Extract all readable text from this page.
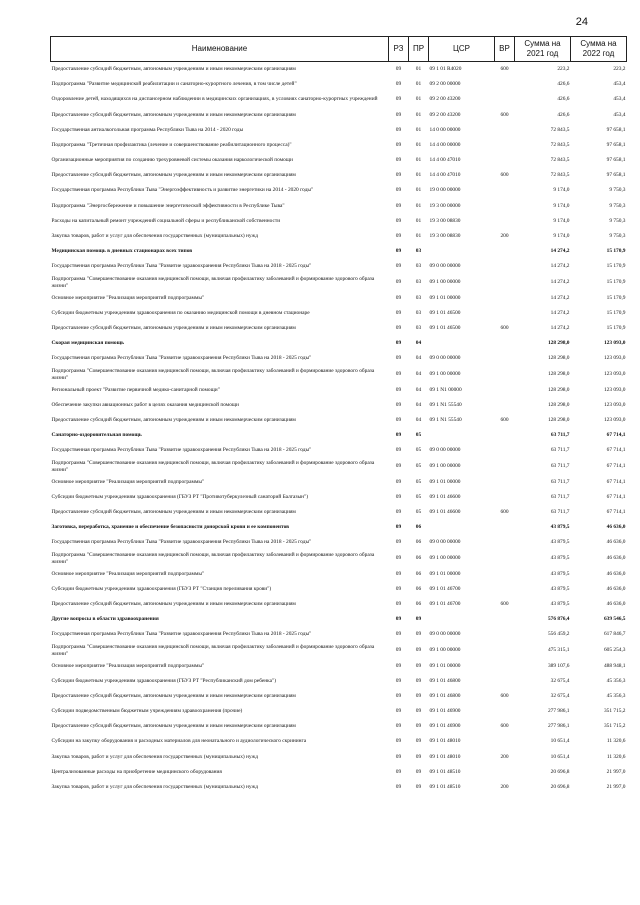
24
Наименование	РЗ	ПР	ЦСР	ВР	Сумма на 2021 год	Сумма на 2022 год
Предоставление субсидий бюджетным, автономным учреждениям и иным некоммерческим организациям	09	01	09 1 01 R4020	600	223,2	223,2
Подпрограмма "Развитие медицинской реабилитации и санаторно-курортного лечения, в том числе детей"	09	01	09 2 00 00000		426,6	453,4
Оздоровление детей, находящихся на диспансерном наблюдении в медицинских организациях, в условиях санаторно-курортных учреждений	09	01	09 2 00 43200		426,6	453,4
Предоставление субсидий бюджетным, автономным учреждениям и иным некоммерческим организациям	09	01	09 2 00 43200	600	426,6	453,4
Государственная антиалкогольная программа Республики Тыва на 2014 - 2020 годы	09	01	14 0 00 00000		72 843,5	97 658,1
Подпрограмма "Третичная профилактика (лечение и совершенствование реабилитационного процесса)"	09	01	14 4 00 00000		72 843,5	97 658,1
Организационные мероприятия по созданию трехуровневой системы оказания наркологической помощи	09	01	14 4 00 47010		72 843,5	97 658,1
Предоставление субсидий бюджетным, автономным учреждениям и иным некоммерческим организациям	09	01	14 4 00 47010	600	72 843,5	97 658,1
Государственная программа Республики Тыва "Энергоэффективность и развитие энергетики на 2014 - 2020 годы"	09	01	19 0 00 00000		9 174,0	9 750,3
Подпрограмма "Энергосбережение и повышение энергетической эффективности в Республике Тыва"	09	01	19 3 00 00000		9 174,0	9 750,3
Расходы на капитальный ремонт учреждений социальной сферы и республиканской собственности	09	01	19 3 00 08830		9 174,0	9 750,3
Закупка товаров, работ и услуг для обеспечения государственных (муниципальных) нужд	09	01	19 3 00 08830	200	9 174,0	9 750,3
Медицинская помощь в дневных стационарах всех типов	09	03			14 274,2	15 170,9
Государственная программа Республики Тыва "Развитие здравоохранения Республики Тыва на 2018 - 2025 годы"	09	03	09 0 00 00000		14 274,2	15 170,9
Подпрограмма "Совершенствование оказания медицинской помощи, включая профилактику заболеваний и формирование здорового образа жизни"	09	03	09 1 00 00000		14 274,2	15 170,9
Основное мероприятие "Реализация мероприятий подпрограммы"	09	03	09 1 01 00000		14 274,2	15 170,9
Субсидии бюджетным учреждениям здравоохранения по оказанию медицинской помощи в дневном стационаре	09	03	09 1 01 46500		14 274,2	15 170,9
Предоставление субсидий бюджетным, автономным учреждениям и иным некоммерческим организациям	09	03	09 1 01 46500	600	14 274,2	15 170,9
Скорая медицинская помощь	09	04			128 298,0	123 093,0
Государственная программа Республики Тыва "Развитие здравоохранения Республики Тыва на 2018 - 2025 годы"	09	04	09 0 00 00000		128 298,0	123 093,0
Подпрограмма "Совершенствование оказания медицинской помощи, включая профилактику заболеваний и формирование здорового образа жизни"	09	04	09 1 00 00000		128 298,0	123 093,0
Региональный проект "Развитие первичной медико-санитарной помощи"	09	04	09 1 N1 00000		128 298,0	123 093,0
Обеспечение закупки авиационных работ в целях оказания медицинской помощи	09	04	09 1 N1 55540		128 298,0	123 093,0
Предоставление субсидий бюджетным, автономным учреждениям и иным некоммерческим организациям	09	04	09 1 N1 55540	600	128 298,0	123 093,0
Санаторно-оздоровительная помощь	09	05			63 711,7	67 714,1
Государственная программа Республики Тыва "Развитие здравоохранения Республики Тыва на 2018 - 2025 годы"	09	05	09 0 00 00000		63 711,7	67 714,1
Подпрограмма "Совершенствование оказания медицинской помощи, включая профилактику заболеваний и формирование здорового образа жизни"	09	05	09 1 00 00000		63 711,7	67 714,1
Основное мероприятие "Реализация мероприятий подпрограммы"	09	05	09 1 01 00000		63 711,7	67 714,1
Субсидии бюджетным учреждениям здравоохранения (ГБУЗ РТ "Противотуберкулезный санаторий Балгазын")	09	05	09 1 01 46600		63 711,7	67 714,1
Предоставление субсидий бюджетным, автономным учреждениям и иным некоммерческим организациям	09	05	09 1 01 46600	600	63 711,7	67 714,1
Заготовка, переработка, хранение и обеспечение безопасности донорской крови и ее компонентов	09	06			43 879,5	46 636,0
Государственная программа Республики Тыва "Развитие здравоохранения Республики Тыва на 2018 - 2025 годы"	09	06	09 0 00 00000		43 879,5	46 636,0
Подпрограмма "Совершенствование оказания медицинской помощи, включая профилактику заболеваний и формирование здорового образа жизни"	09	06	09 1 00 00000		43 879,5	46 636,0
Основное мероприятие "Реализация мероприятий подпрограммы"	09	06	09 1 01 00000		43 879,5	46 636,0
Субсидии бюджетным учреждениям здравоохранения (ГБУЗ РТ "Станция переливания крови")	09	06	09 1 01 46700		43 879,5	46 636,0
Предоставление субсидий бюджетным, автономным учреждениям и иным некоммерческим организациям	09	06	09 1 01 46700	600	43 879,5	46 636,0
Другие вопросы в области здравоохранения	09	09			576 876,4	639 546,5
Государственная программа Республики Тыва "Развитие здравоохранения Республики Тыва на 2018 - 2025 годы"	09	09	09 0 00 00000		556 459,2	617 846,7
Подпрограмма "Совершенствование оказания медицинской помощи, включая профилактику заболеваний и формирование здорового образа жизни"	09	09	09 1 00 00000		475 315,1	605 254,3
Основное мероприятие "Реализация мероприятий подпрограммы"	09	09	09 1 01 00000		389 107,6	488 948,1
Субсидии бюджетным учреждениям здравоохранения (ГБУЗ РТ "Республиканский дом ребенка")	09	09	09 1 01 46800		32 675,4	45 356,3
Предоставление субсидий бюджетным, автономным учреждениям и иным некоммерческим организациям	09	09	09 1 01 46800	600	32 675,4	45 356,3
Субсидии подведомственным бюджетным учреждениям здравоохранения (прочие)	09	09	09 1 01 46900		277 986,1	351 715,2
Предоставление субсидий бюджетным, автономным учреждениям и иным некоммерческим организациям	09	09	09 1 01 46900	600	277 986,1	351 715,2
Субсидии на закупку оборудования и расходных материалов для неонатального и аудиологического скрининга	09	09	09 1 01 48010		10 651,4	11 320,6
Закупка товаров, работ и услуг для обеспечения государственных (муниципальных) нужд	09	09	09 1 01 48010	200	10 651,4	11 320,6
Централизованные расходы на приобретение медицинского оборудования	09	09	09 1 01 48510		20 696,8	21 997,0
Закупка товаров, работ и услуг для обеспечения государственных (муниципальных) нужд	09	09	09 1 01 48510	200	20 696,8	21 997,0
